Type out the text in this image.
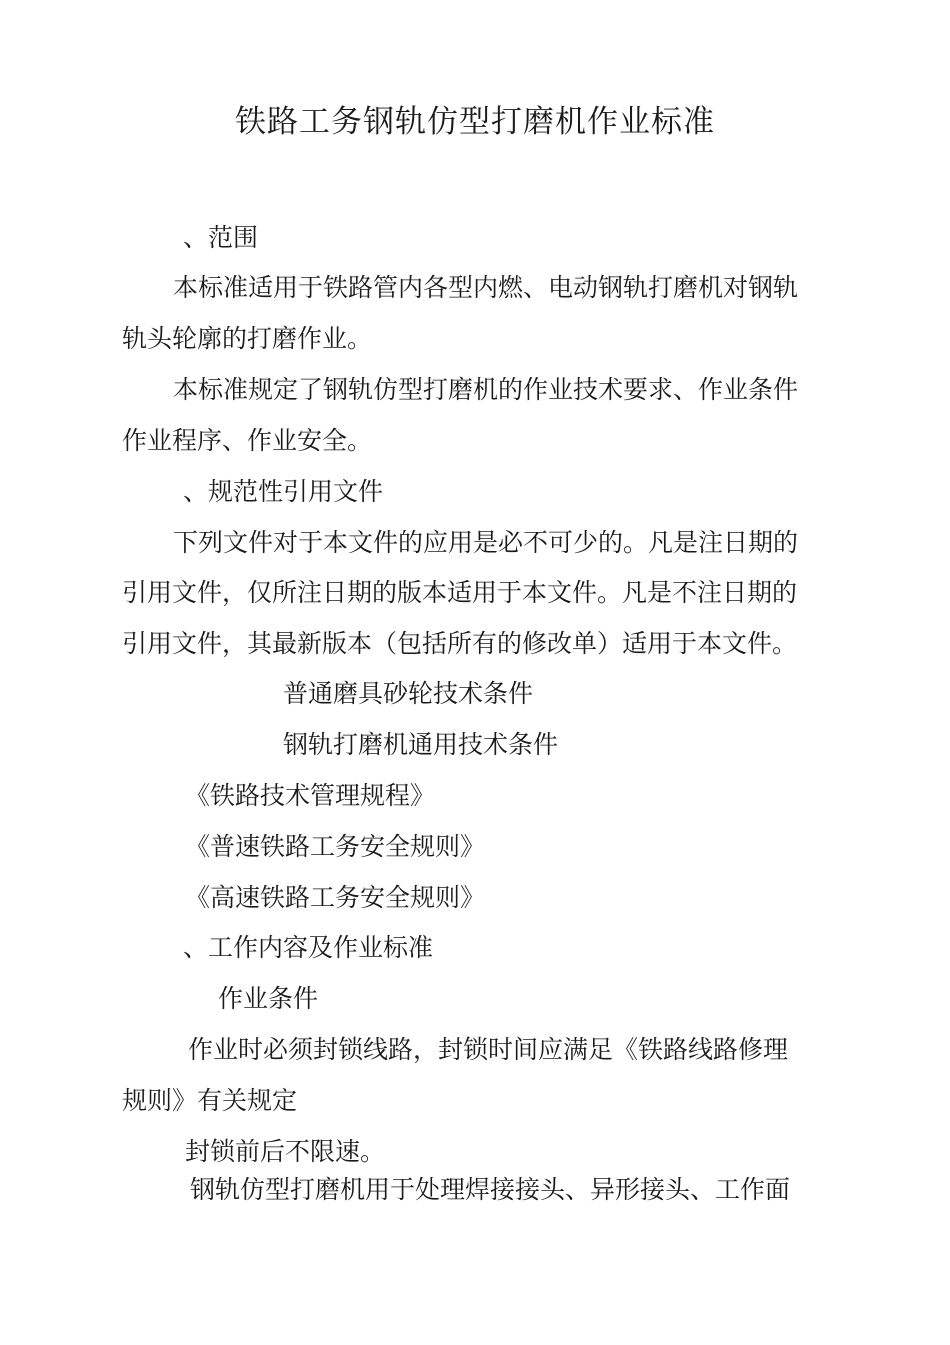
铁路工务钢轨仿型打磨机作业标准
、范围
本标准适用于铁路管内各型内燃、电动钢轨打磨机对钢轨
轨头轮廓的打磨作业。
本标准规定了钢轨仿型打磨机的作业技术要求、作业条件
作业程序、作业安全。
、规范性引用文件
下列文件对于本文件的应用是必不可少的。凡是注日期的
引用文件，仅所注日期的版本适用于本文件。凡是不注日期的
引用文件，其最新版本（包括所有的修改单）适用于本文件。
普通磨具砂轮技术条件
钢轨打磨机通用技术条件
《铁路技术管理规程》
《普速铁路工务安全规则》
《高速铁路工务安全规则》
、工作内容及作业标准
作业条件
作业时必须封锁线路，封锁时间应满足《铁路线路修理
规则》有关规定
封锁前后不限速。
钢轨仿型打磨机用于处理焊接接头、异形接头、工作面
